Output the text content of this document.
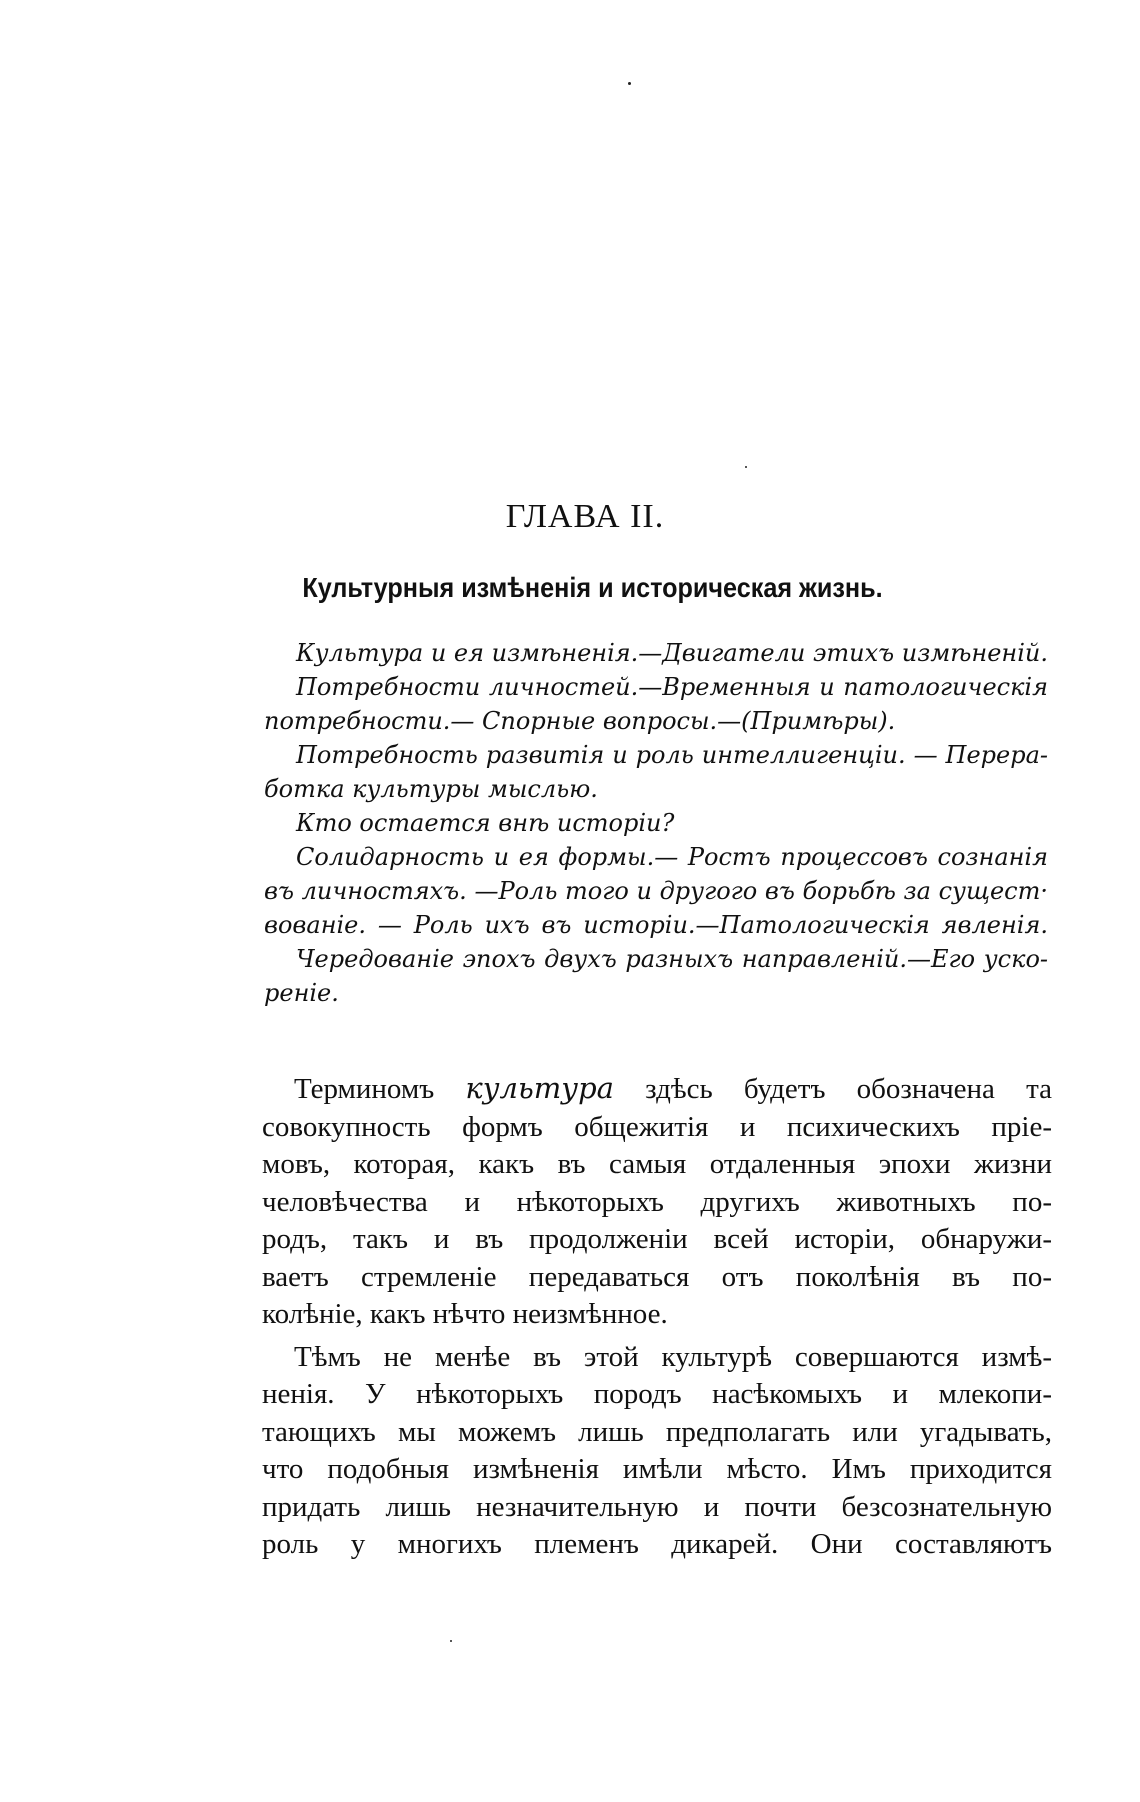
ГЛАВА II.
Культурныя измѣненія и историческая жизнь.
Культура и ея измѣненія.—Двигатели этихъ измѣненій.
Потребности личностей.—Временныя и патологическія
потребности.— Спорные вопросы.—(Примѣры).
Потребность развитія и роль интеллигенціи. — Перера-
ботка культуры мыслью.
Кто остается внѣ исторіи?
Солидарность и ея формы.— Ростъ процессовъ сознанія
въ личностяхъ. —Роль того и другого въ борьбѣ за сущест·
вованіе. — Роль ихъ въ исторіи.—Патологическія явленія.
Чередованіе эпохъ двухъ разныхъ направленій.—Его ускo-
реніе.

Терминомъ культура здѣсь будетъ обозначена та
совокупность формъ общежитія и психическихъ пріе-
мовъ, которая, какъ въ самыя отдаленныя эпохи жизни
человѣчества и нѣкоторыхъ другихъ животныхъ по-
родъ, такъ и въ продолженіи всей исторіи, обнаружи-
ваетъ стремленіе передаваться отъ поколѣнія въ по-
колѣніе, какъ нѣчто неизмѣнное.

Тѣмъ не менѣе въ этой культурѣ совершаются измѣ-
ненія. У нѣкоторыхъ породъ насѣкомыхъ и млекопи-
тающихъ мы можемъ лишь предполагать или угадывать,
что подобныя измѣненія имѣли мѣсто. Имъ приходится
придать лишь незначительную и почти безсознательную
роль у многихъ племенъ дикарей. Они составляютъ
